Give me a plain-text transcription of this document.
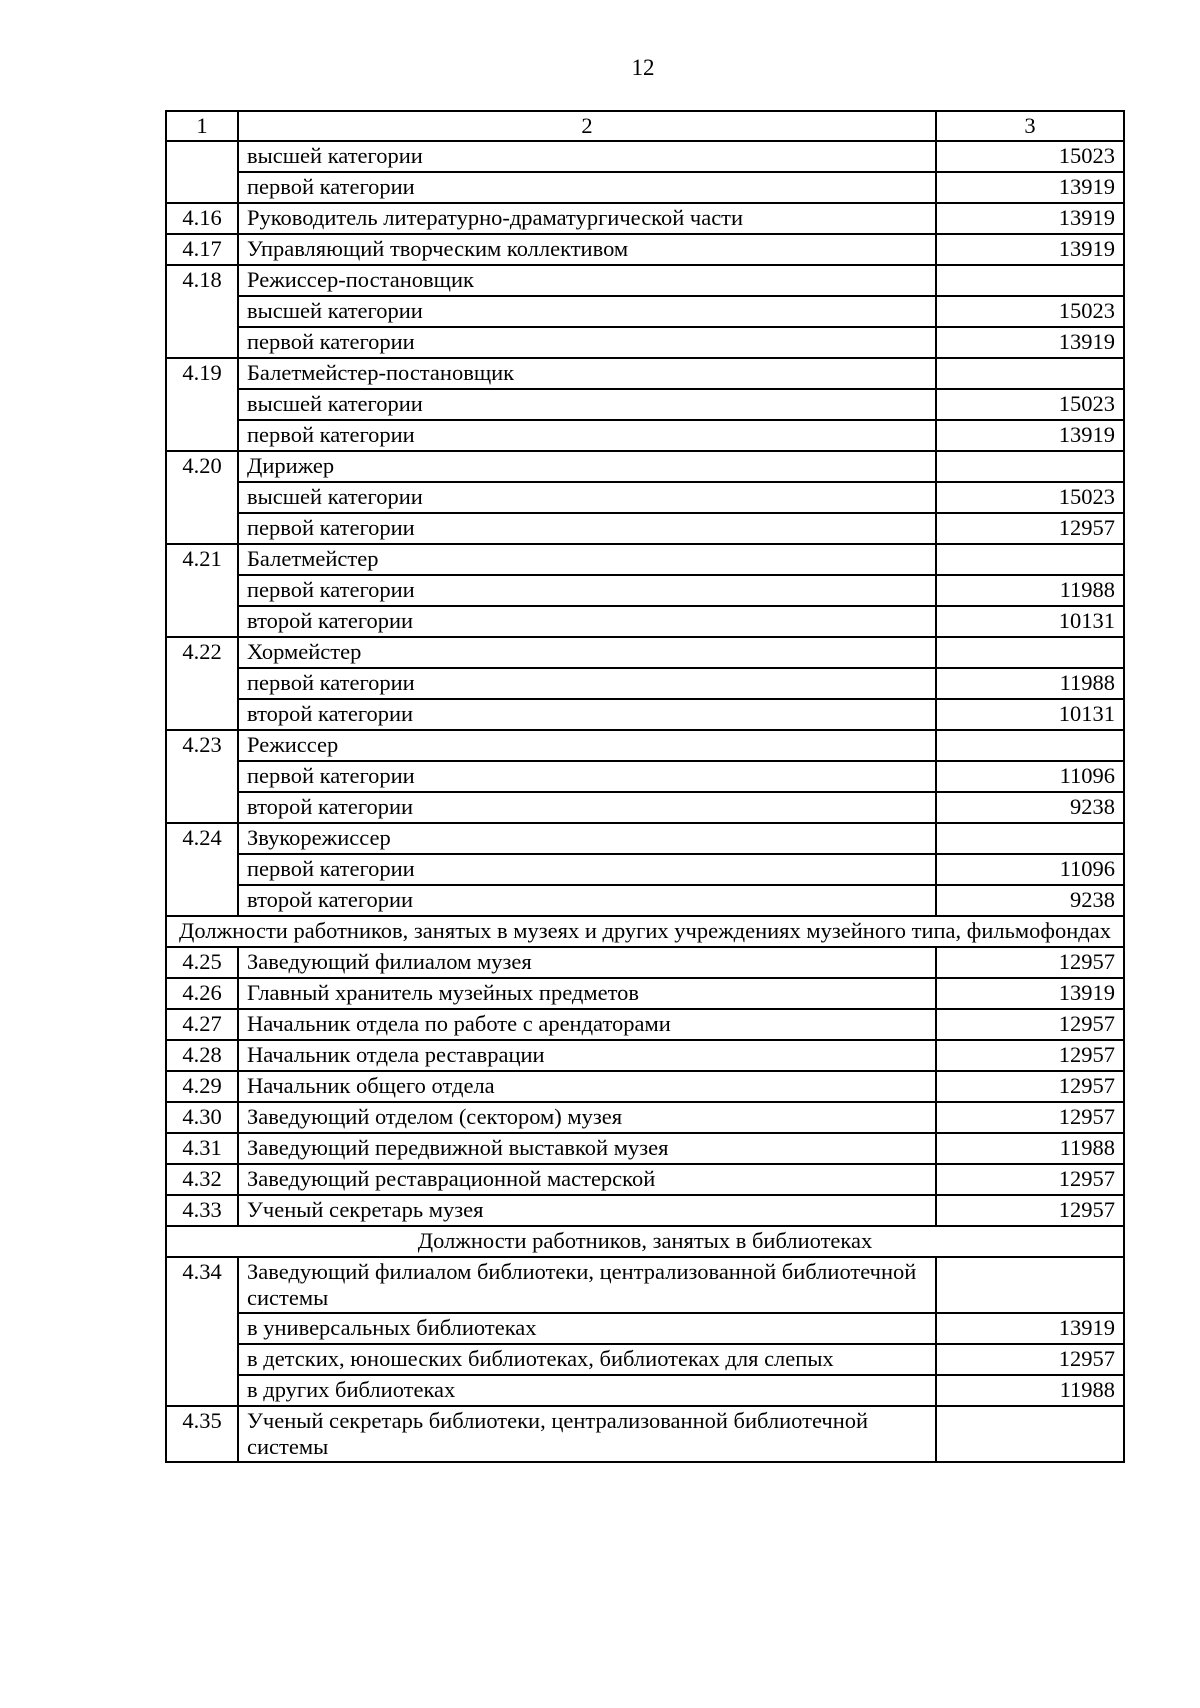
12
1	2	3
	высшей категории	15023
	первой категории	13919
4.16	Руководитель литературно-драматургической части	13919
4.17	Управляющий творческим коллективом	13919
4.18	Режиссер-постановщик	
	высшей категории	15023
	первой категории	13919
4.19	Балетмейстер-постановщик	
	высшей категории	15023
	первой категории	13919
4.20	Дирижер	
	высшей категории	15023
	первой категории	12957
4.21	Балетмейстер	
	первой категории	11988
	второй категории	10131
4.22	Хормейстер	
	первой категории	11988
	второй категории	10131
4.23	Режиссер	
	первой категории	11096
	второй категории	9238
4.24	Звукорежиссер	
	первой категории	11096
	второй категории	9238
Должности работников, занятых в музеях и других учреждениях музейного типа, фильмофондах		
4.25	Заведующий филиалом музея	12957
4.26	Главный хранитель музейных предметов	13919
4.27	Начальник отдела по работе с арендаторами	12957
4.28	Начальник отдела реставрации	12957
4.29	Начальник общего отдела	12957
4.30	Заведующий отделом (сектором) музея	12957
4.31	Заведующий передвижной выставкой музея	11988
4.32	Заведующий реставрационной мастерской	12957
4.33	Ученый секретарь музея	12957
Должности работников, занятых в библиотеках		
4.34	Заведующий филиалом библиотеки, централизованной библиотечной системы	
	в универсальных библиотеках	13919
	в детских, юношеских библиотеках, библиотеках для слепых	12957
	в других библиотеках	11988
4.35	Ученый секретарь библиотеки, централизованной библиотечной системы	
